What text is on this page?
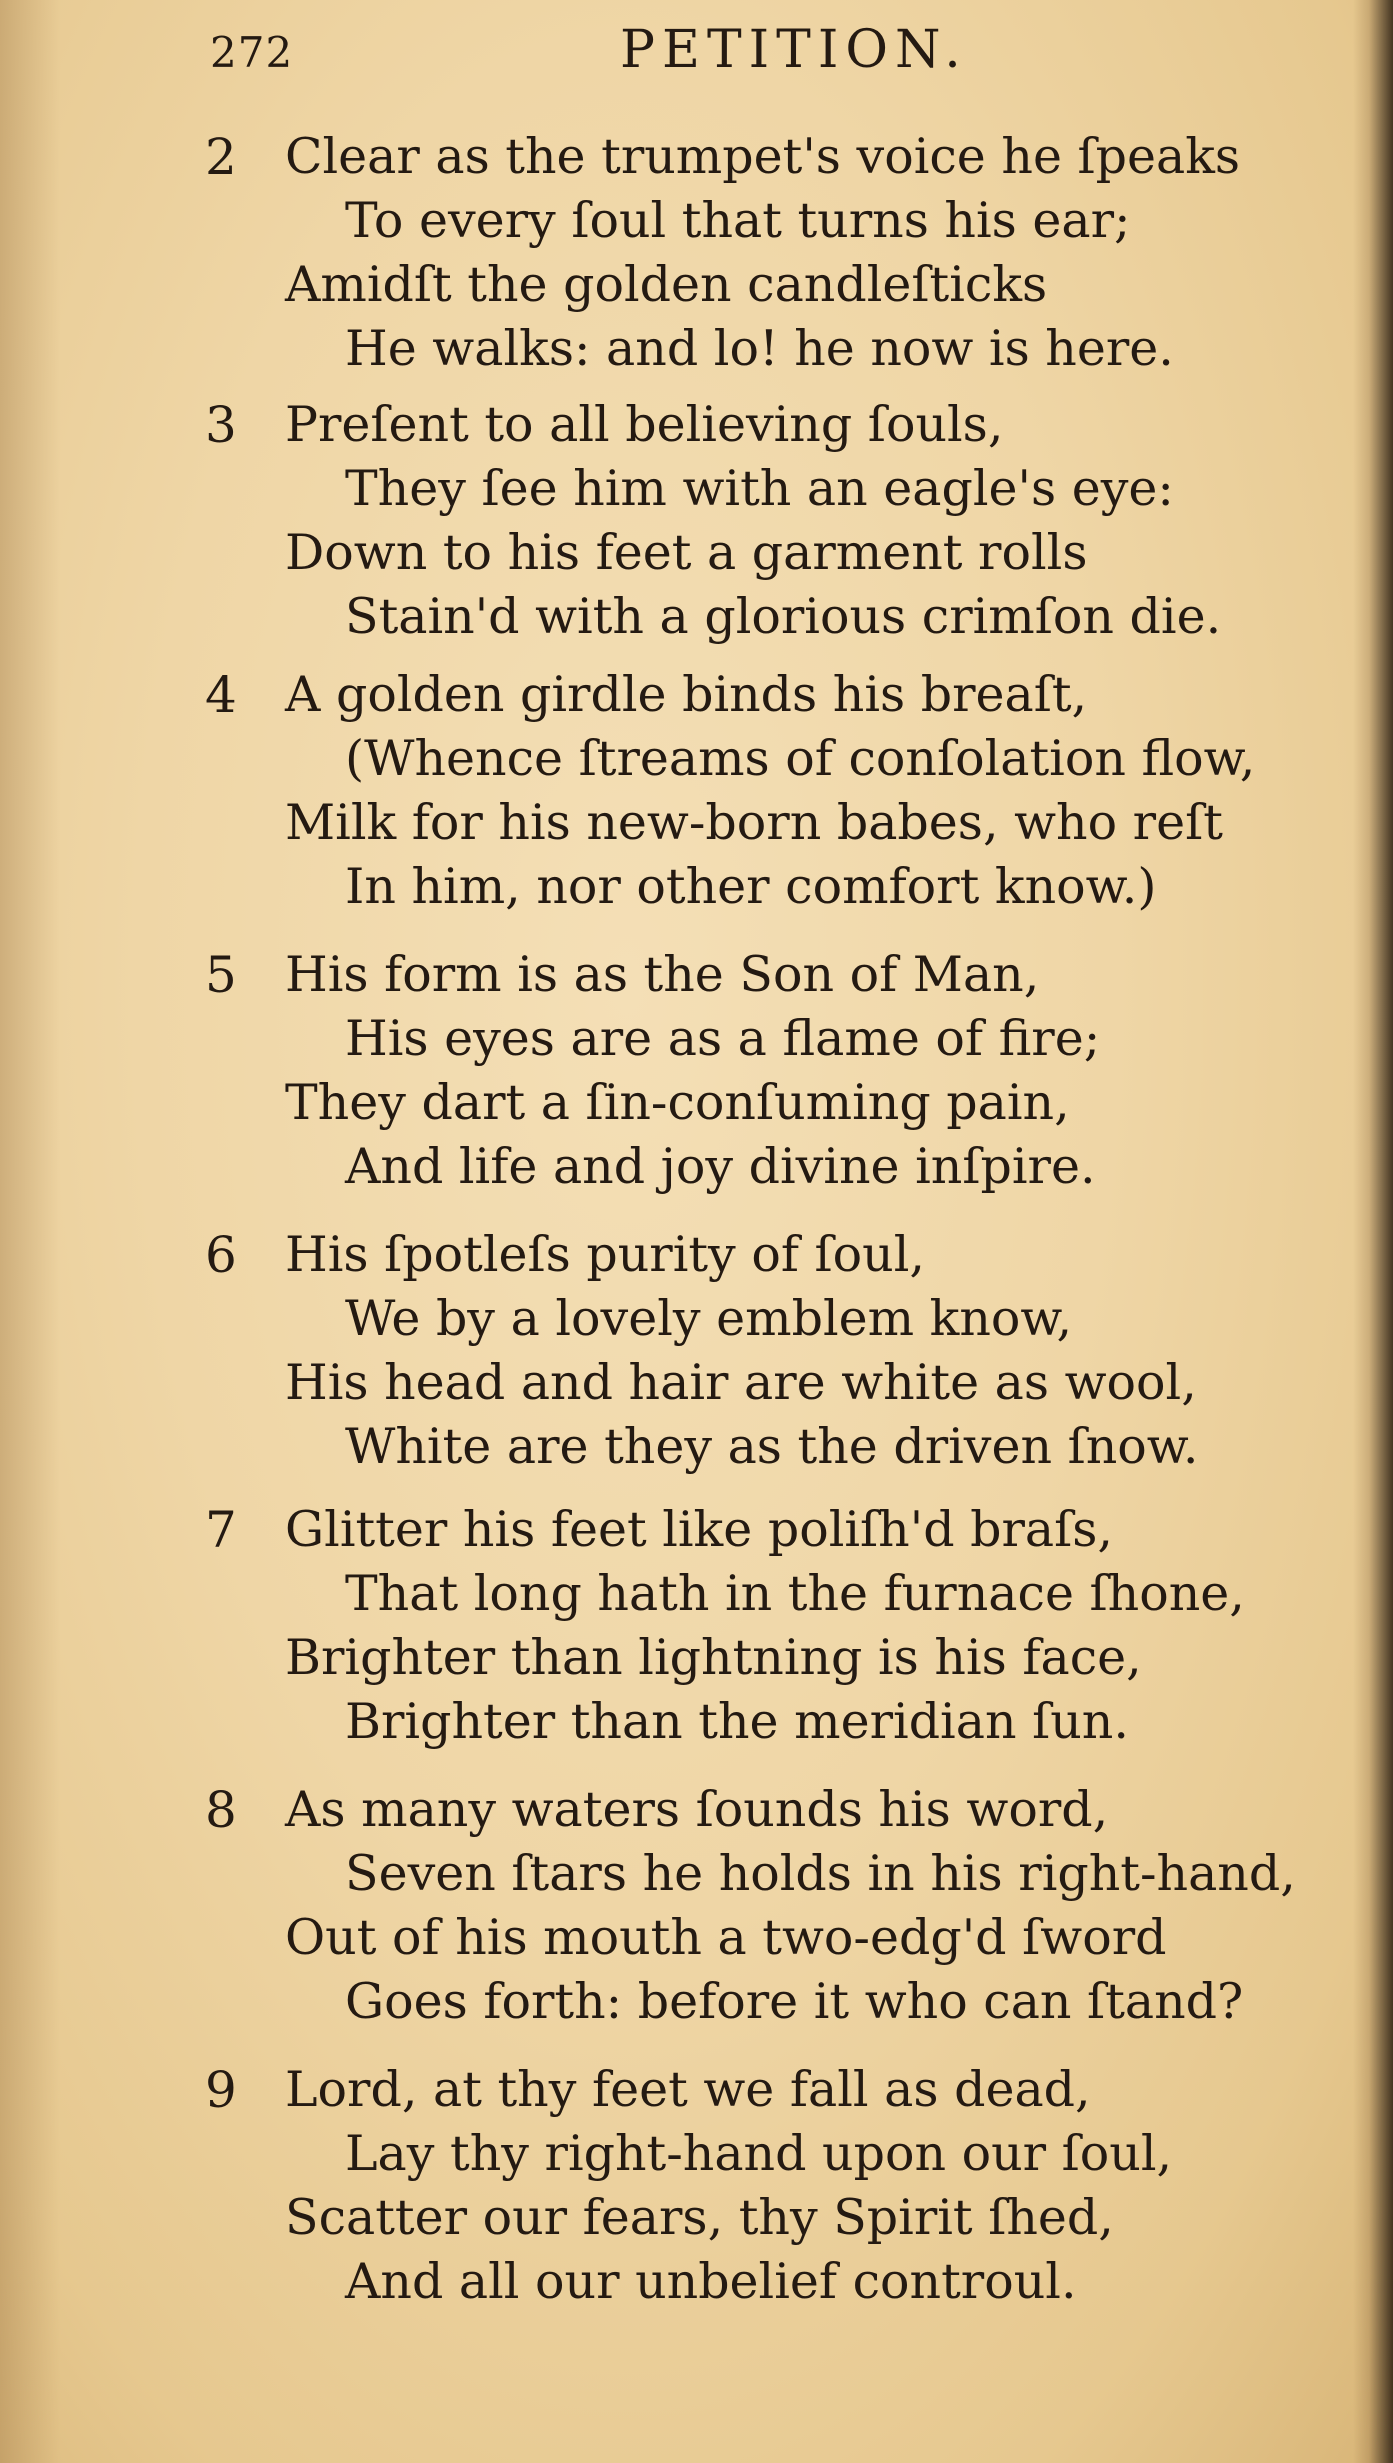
272	PETITION.
2 Clear as the trumpet's voice he ſpeaks
To every ſoul that turns his ear;
Amidſt the golden candleſticks
He walks: and lo! he now is here.
3 Preſent to all believing ſouls,
They ſee him with an eagle's eye:
Down to his feet a garment rolls
Stain'd with a glorious crimſon die.
4 A golden girdle binds his breaſt,
(Whence ſtreams of conſolation flow,
Milk for his new-born babes, who reſt
In him, nor other comfort know.)
5 His form is as the Son of Man,
His eyes are as a flame of fire;
They dart a ſin-conſuming pain,
And life and joy divine inſpire.
6 His ſpotleſs purity of ſoul,
We by a lovely emblem know,
His head and hair are white as wool,
White are they as the driven ſnow.
7 Glitter his feet like poliſh'd braſs,
That long hath in the furnace ſhone,
Brighter than lightning is his face,
Brighter than the meridian ſun.
8 As many waters ſounds his word,
Seven ſtars he holds in his right-hand,
Out of his mouth a two-edg'd ſword
Goes forth: before it who can ſtand?
9 Lord, at thy feet we fall as dead,
Lay thy right-hand upon our ſoul,
Scatter our fears, thy Spirit ſhed,
And all our unbelief controul.
